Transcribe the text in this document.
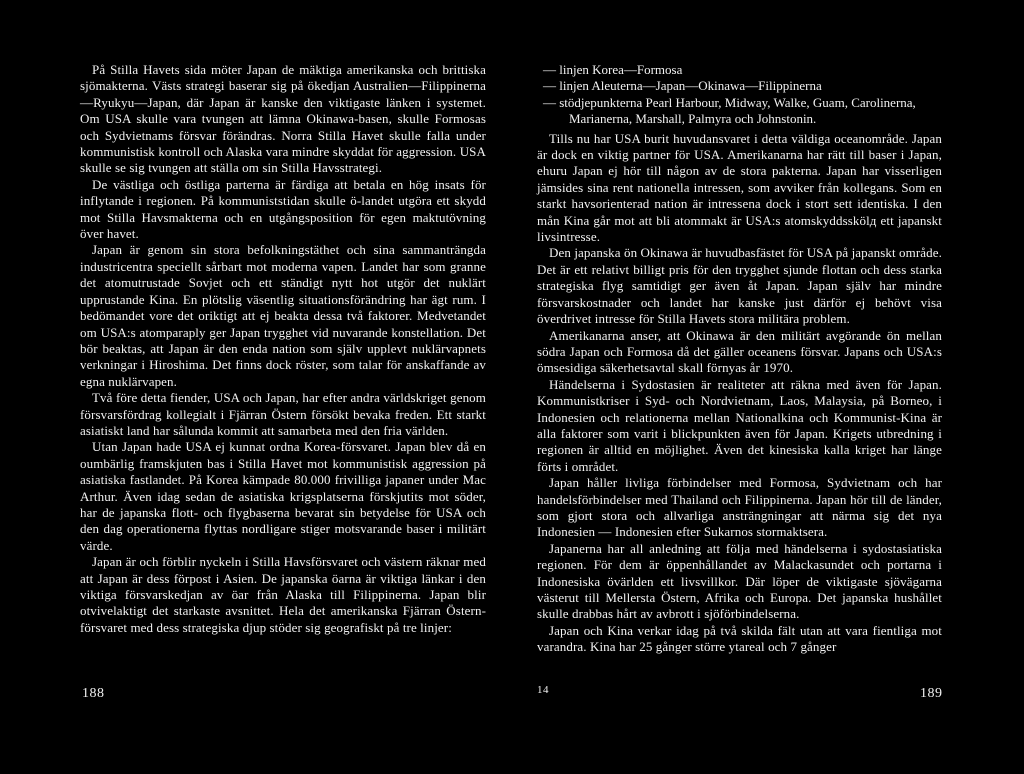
På Stilla Havets sida möter Japan de mäktiga amerikanska och brittiska sjömakterna. Västs strategi baserar sig på ökedjan Australien—Filippinerna—Ryukyu—Japan, där Japan är kanske den viktigaste länken i systemet. Om USA skulle vara tvungen att lämna Okinawa-basen, skulle Formosas och Sydvietnams försvar förändras. Norra Stilla Havet skulle falla under kommunistisk kontroll och Alaska vara mindre skyddat för aggression. USA skulle se sig tvungen att ställa om sin Stilla Havsstrategi.

De västliga och östliga parterna är färdiga att betala en hög insats för inflytande i regionen. På kommuniststidan skulle ö-landet utgöra ett skydd mot Stilla Havsmakterna och en utgångsposition för egen maktutövning över havet.

Japan är genom sin stora befolkningstäthet och sina sammanträngda industricentra speciellt sårbart mot moderna vapen. Landet har som granne det atomutrustade Sovjet och ett ständigt nytt hot utgör det nuklärt upprustande Kina. En plötslig väsentlig situationsförändring har ägt rum. I bedömandet vore det oriktigt att ej beakta dessa två faktorer. Medvetandet om USA:s atomparaply ger Japan trygghet vid nuvarande konstellation. Det bör beaktas, att Japan är den enda nation som själv upplevt nuklärvapnets verkningar i Hiroshima. Det finns dock röster, som talar för anskaffande av egna nuklärvapen.

Två före detta fiender, USA och Japan, har efter andra världskriget genom försvarsfördrag kollegialt i Fjärran Östern försökt bevaka freden. Ett starkt asiatiskt land har sålunda kommit att samarbeta med den fria världen.

Utan Japan hade USA ej kunnat ordna Korea-försvaret. Japan blev då en oumbärlig framskjuten bas i Stilla Havet mot kommunistisk aggression på asiatiska fastlandet. På Korea kämpade 80.000 frivilliga japaner under Mac Arthur. Även idag sedan de asiatiska krigsplatserna förskjutits mot söder, har de japanska flott- och flygbaserna bevarat sin betydelse för USA och den dag operationerna flyttas nordligare stiger motsvarande baser i militärt värde.

Japan är och förblir nyckeln i Stilla Havsförsvaret och västern räknar med att Japan är dess förpost i Asien. De japanska öarna är viktiga länkar i den viktiga försvarskedjan av öar från Alaska till Filippinerna. Japan blir otvivelaktigt det starkaste avsnittet. Hela det amerikanska Fjärran Östern-försvaret med dess strategiska djup stöder sig geografiskt på tre linjer:

— linjen Korea—Formosa
— linjen Aleuterna—Japan—Okinawa—Filippinerna
— stödjepunkterna Pearl Harbour, Midway, Walke, Guam, Carolinerna, Marianerna, Marshall, Palmyra och Johnstonin.

Tills nu har USA burit huvudansvaret i detta väldiga oceanområde. Japan är dock en viktig partner för USA. Amerikanarna har rätt till baser i Japan, ehuru Japan ej hör till någon av de stora pakterna. Japan har visserligen jämsides sina rent nationella intressen, som avviker från kollegans. Som en starkt havsorienterad nation är intressena dock i stort sett identiska. I den mån Kina går mot att bli atommakt är USA:s atomskyddsskölд ett japanskt livsintresse.

Den japanska ön Okinawa är huvudbasfästet för USA på japanskt område. Det är ett relativt billigt pris för den trygghet sjunde flottan och dess starka strategiska flyg samtidigt ger även åt Japan. Japan själv har mindre försvarskostnader och landet har kanske just därför ej behövt visa överdrivet intresse för Stilla Havets stora militära problem.

Amerikanarna anser, att Okinawa är den militärt avgörande ön mellan södra Japan och Formosa då det gäller oceanens försvar. Japans och USA:s ömsesidiga säkerhetsavtal skall förnyas år 1970.

Händelserna i Sydostasien är realiteter att räkna med även för Japan. Kommunistkriser i Syd- och Nordvietnam, Laos, Malaysia, på Borneo, i Indonesien och relationerna mellan Nationalkina och Kommunist-Kina är alla faktorer som varit i blickpunkten även för Japan. Krigets utbredning i regionen är alltid en möjlighet. Även det kinesiska kalla kriget har länge förts i området.

Japan håller livliga förbindelser med Formosa, Sydvietnam och har handelsförbindelser med Thailand och Filippinerna. Japan hör till de länder, som gjort stora och allvarliga ansträngningar att närma sig det nya Indonesien — Indonesien efter Sukarnos stormaktsera.

Japanerna har all anledning att följa med händelserna i sydostasiatiska regionen. För dem är öppenhållandet av Malackasundet och portarna i Indonesiska övärlden ett livsvillkor. Där löper de viktigaste sjövägarna västerut till Mellersta Östern, Afrika och Europa. Det japanska hushållet skulle drabbas hårt av avbrott i sjöförbindelserna.

Japan och Kina verkar idag på två skilda fält utan att vara fientliga mot varandra. Kina har 25 gånger större ytareal och 7 gånger

188	14	189
